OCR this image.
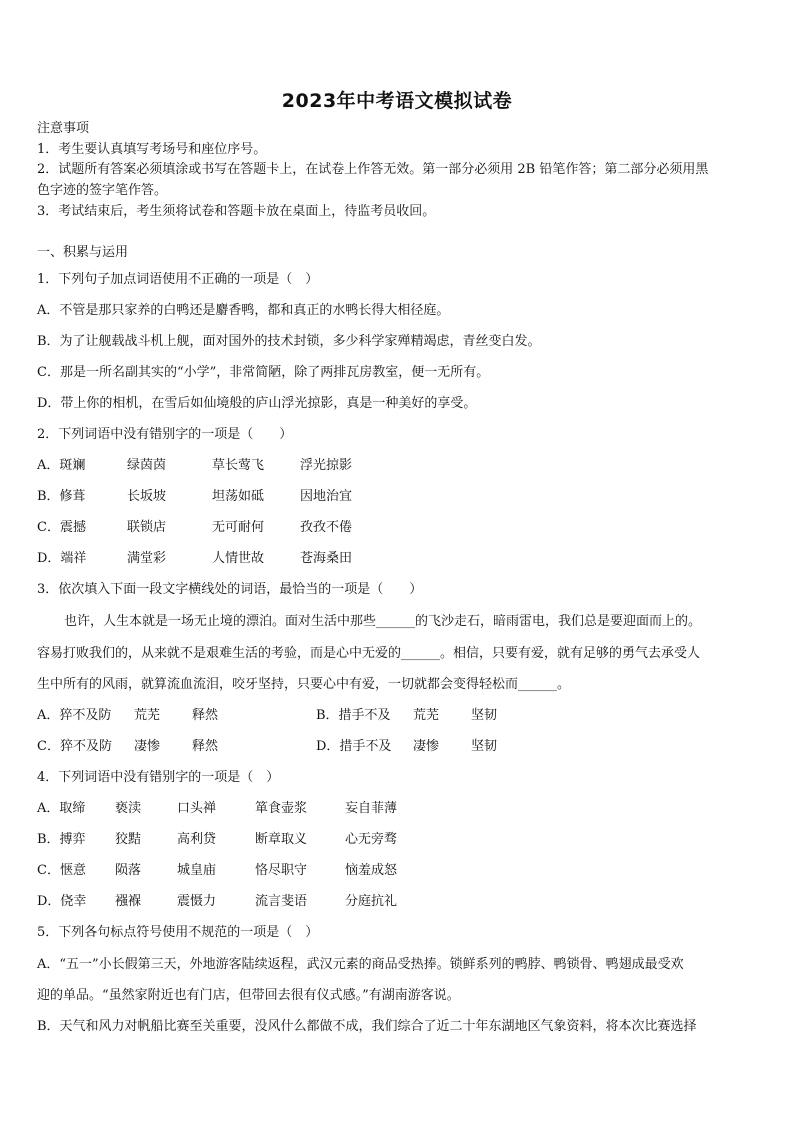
2023年中考语文模拟试卷
注意事项
1．考生要认真填写考场号和座位序号。
2．试题所有答案必须填涂或书写在答题卡上，在试卷上作答无效。第一部分必须用 2B 铅笔作答；第二部分必须用黑
色字迹的签字笔作答。
3．考试结束后，考生须将试卷和答题卡放在桌面上，待监考员收回。
一、积累与运用
1．下列句子加点词语使用不正确的一项是（　）
A．不管是那只家养的白鸭还是麝香鸭，都和真正的水鸭长得大相径庭。
B．为了让舰载战斗机上舰，面对国外的技术封锁，多少科学家殚精竭虑，青丝变白发。
C．那是一所名副其实的“小学”，非常简陋，除了两排瓦房教室，便一无所有。
D．带上你的相机，在雪后如仙境般的庐山浮光掠影，真是一种美好的享受。
2．下列词语中没有错别字的一项是（　　）
A．斑斓	绿茵茵	草长莺飞	浮光掠影
B．修葺	长坂坡	坦荡如砥	因地治宜
C．震撼	联锁店	无可耐何	孜孜不倦
D．端祥	满堂彩	人情世故	苍海桑田
3．依次填入下面一段文字横线处的词语，最恰当的一项是（　　）
也许，人生本就是一场无止境的漂泊。面对生活中那些______的飞沙走石，暗雨雷电，我们总是要迎面而上的。
容易打败我们的，从来就不是艰难生活的考验，而是心中无爱的______。相信，只要有爱，就有足够的勇气去承受人
生中所有的风雨，就算流血流泪，咬牙坚持，只要心中有爱，一切就都会变得轻松而______。
A．猝不及防 荒芜 释然	B．措手不及 荒芜 坚韧
C．猝不及防 凄惨 释然	D．措手不及 凄惨 坚韧
4．下列词语中没有错别字的一项是（　）
A．取缔 亵渎	口头禅	箪食壶浆	妄自菲薄
B．搏弈 狡黠	高利贷	断章取义	心无旁骛
C．惬意 陨落	城皇庙	恪尽职守	恼羞成怒
D．侥幸 襁褓	震慑力	流言斐语	分庭抗礼
5．下列各句标点符号使用不规范的一项是（　）
A．“五一”小长假第三天，外地游客陆续返程，武汉元素的商品受热捧。锁鲜系列的鸭脖、鸭锁骨、鸭翅成最受欢
迎的单品。“虽然家附近也有门店，但带回去很有仪式感。”有湖南游客说。
B．天气和风力对帆船比赛至关重要，没风什么都做不成，我们综合了近二十年东湖地区气象资料，将本次比赛选择
